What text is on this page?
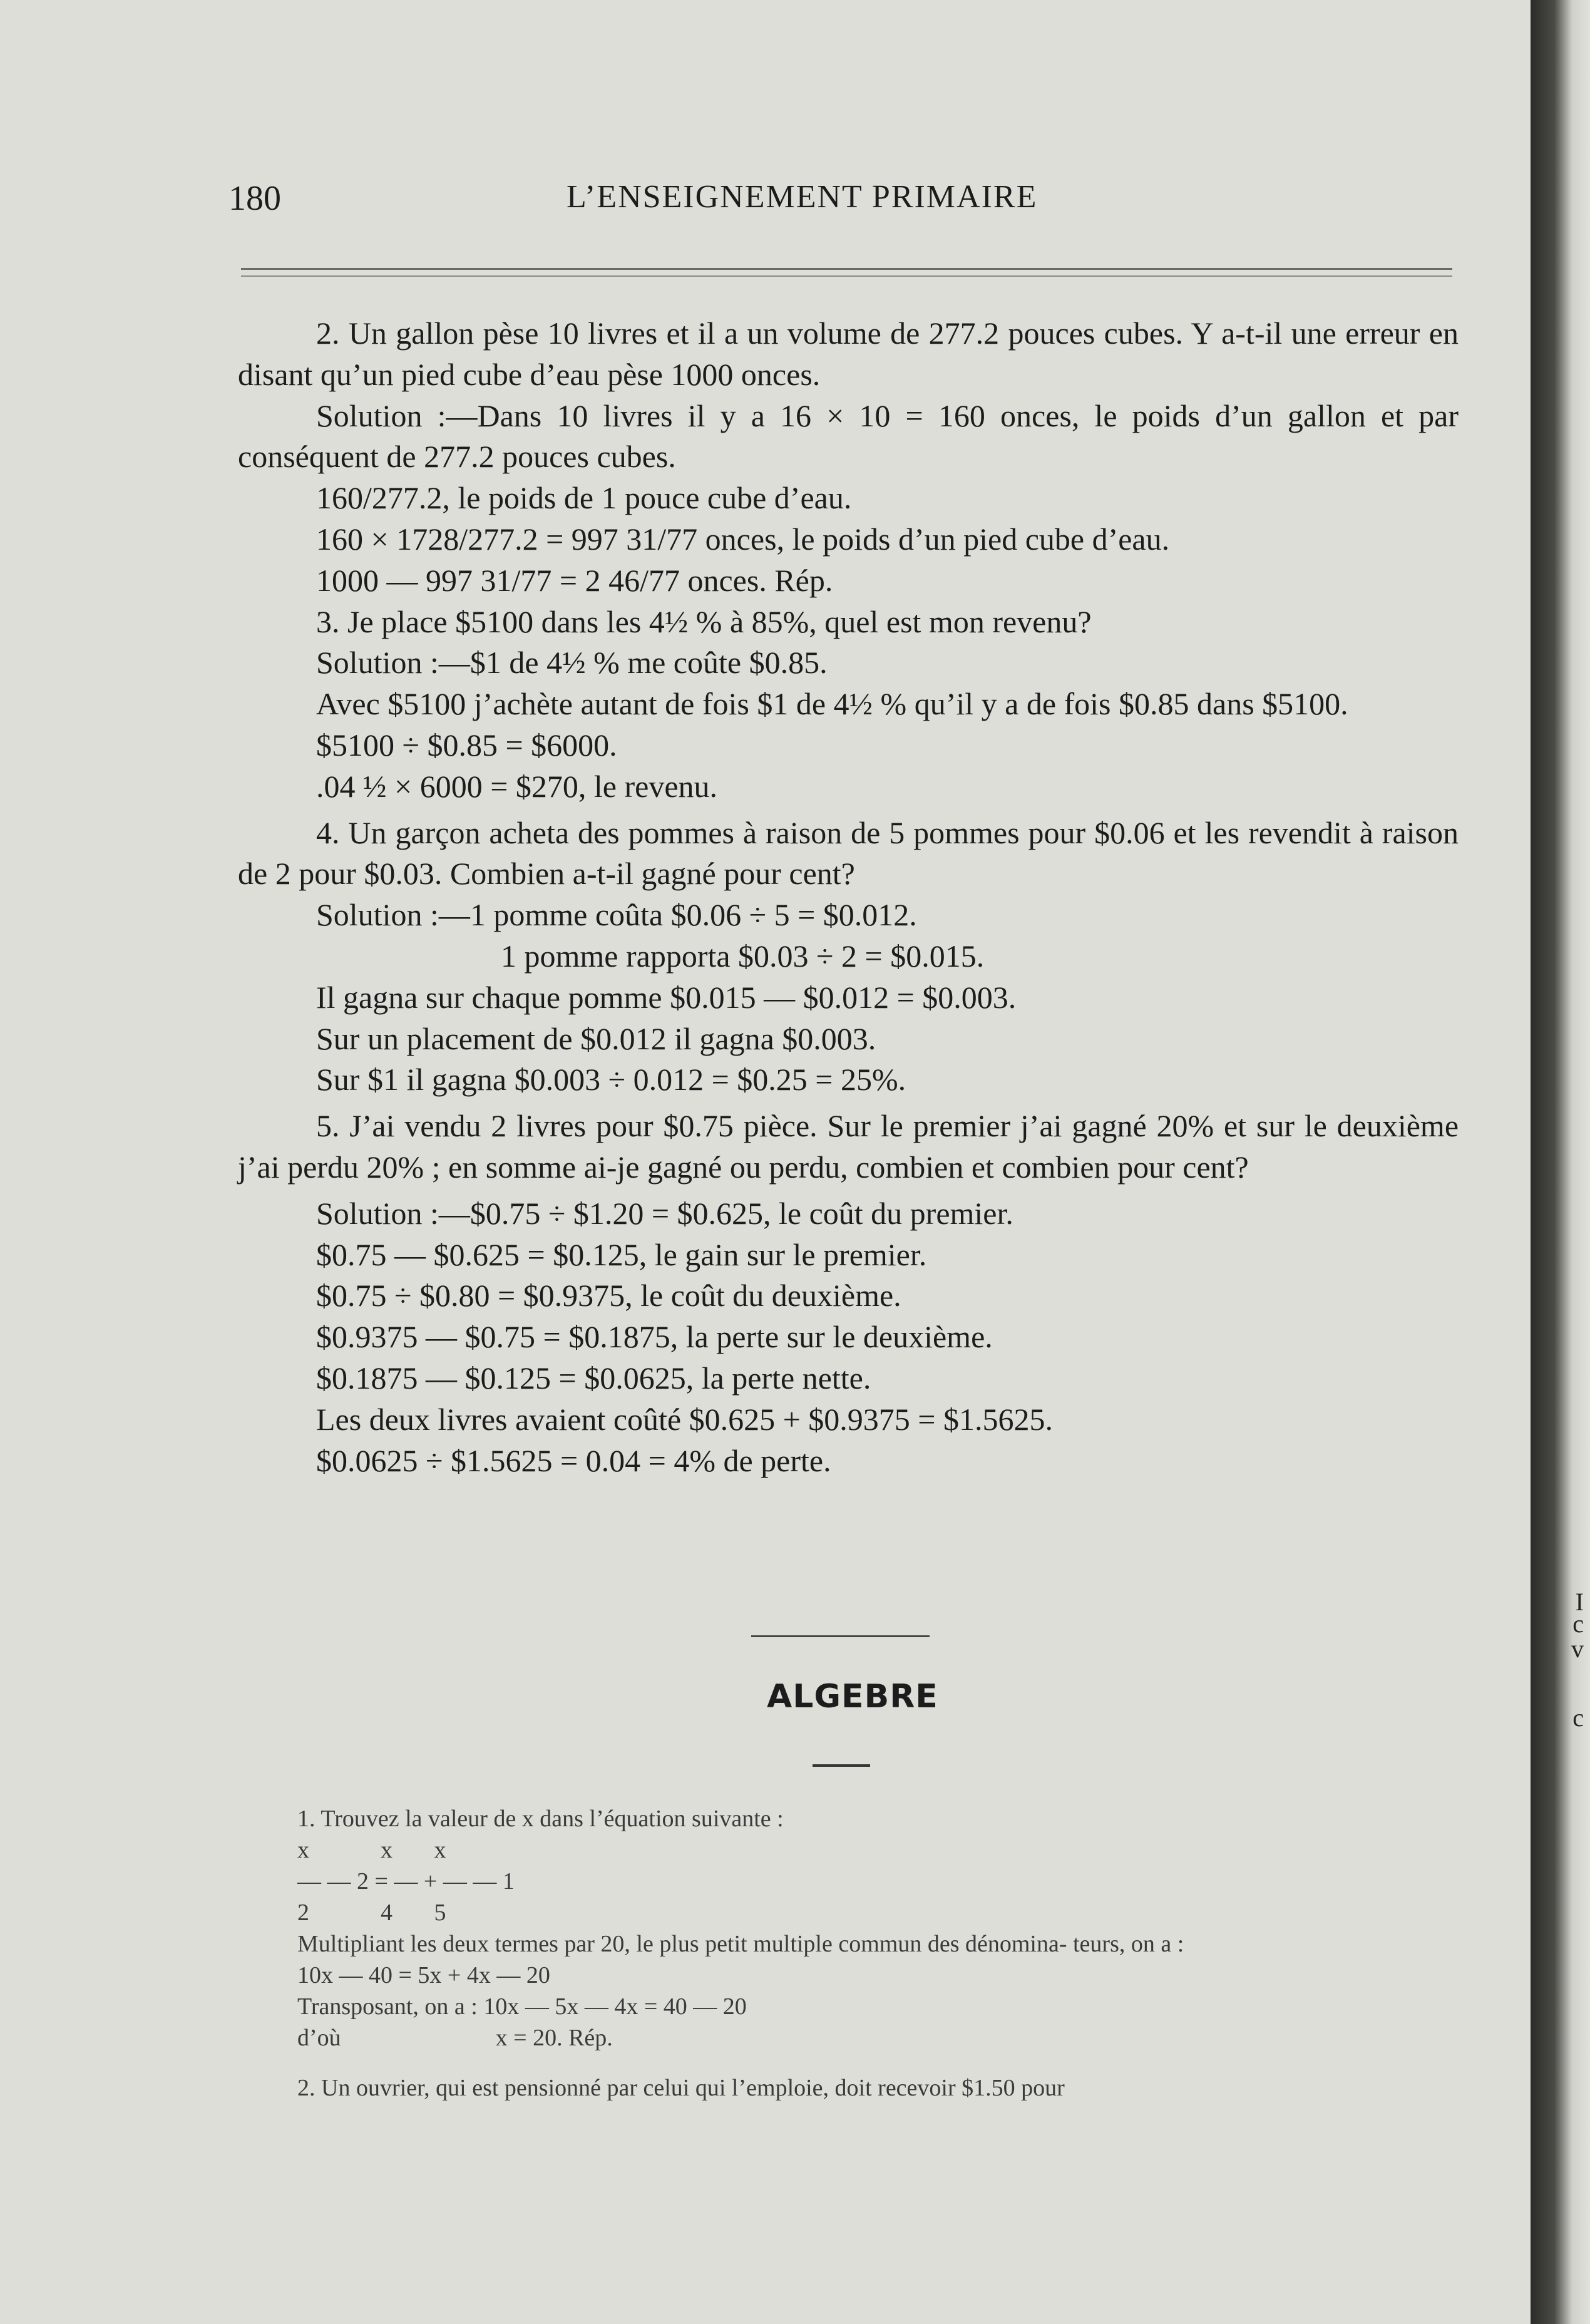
180	L’ENSEIGNEMENT PRIMAIRE

2. Un gallon pèse 10 livres et il a un volume de 277.2 pouces cubes. Y a-t-il une erreur en disant qu’un pied cube d’eau pèse 1000 onces.

Solution :—Dans 10 livres il y a 16 × 10 = 160 onces, le poids d’un gallon et par conséquent de 277.2 pouces cubes.

160/277.2, le poids de 1 pouce cube d’eau.

160 × 1728/277.2 = 997 31/77 onces, le poids d’un pied cube d’eau.

1000 — 997 31/77 = 2 46/77 onces. Rép.

3. Je place $5100 dans les 4½ % à 85%, quel est mon revenu?

Solution :—$1 de 4½ % me coûte $0.85.

Avec $5100 j’achète autant de fois $1 de 4½ % qu’il y a de fois $0.85 dans $5100.

$5100 ÷ $0.85 = $6000.

.04 ½ × 6000 = $270, le revenu.

4. Un garçon acheta des pommes à raison de 5 pommes pour $0.06 et les revendit à raison de 2 pour $0.03. Combien a-t-il gagné pour cent?

Solution :—1 pomme coûta $0.06 ÷ 5 = $0.012.

1 pomme rapporta $0.03 ÷ 2 = $0.015.

Il gagna sur chaque pomme $0.015 — $0.012 = $0.003.

Sur un placement de $0.012 il gagna $0.003.

Sur $1 il gagna $0.003 ÷ 0.012 = $0.25 = 25%.

5. J’ai vendu 2 livres pour $0.75 pièce. Sur le premier j’ai gagné 20% et sur le deuxième j’ai perdu 20% ; en somme ai-je gagné ou perdu, combien et combien pour cent?

Solution :—$0.75 ÷ $1.20 = $0.625, le coût du premier.

$0.75 — $0.625 = $0.125, le gain sur le premier.

$0.75 ÷ $0.80 = $0.9375, le coût du deuxième.

$0.9375 — $0.75 = $0.1875, la perte sur le deuxième.

$0.1875 — $0.125 = $0.0625, la perte nette.

Les deux livres avaient coûté $0.625 + $0.9375 = $1.5625.

$0.0625 ÷ $1.5625 = 0.04 = 4% de perte.

ALGEBRE

1. Trouvez la valeur de x dans l’équation suivante :

x            x       x

— — 2 = — + — — 1

2            4       5

Multipliant les deux termes par 20, le plus petit multiple commun des dénomina- teurs, on a :

10x — 40 = 5x + 4x — 20

Transposant, on a : 10x — 5x — 4x = 40 — 20

d’où                          x = 20. Rép.

2. Un ouvrier, qui est pensionné par celui qui l’emploie, doit recevoir $1.50 pour

I
c
v
c
